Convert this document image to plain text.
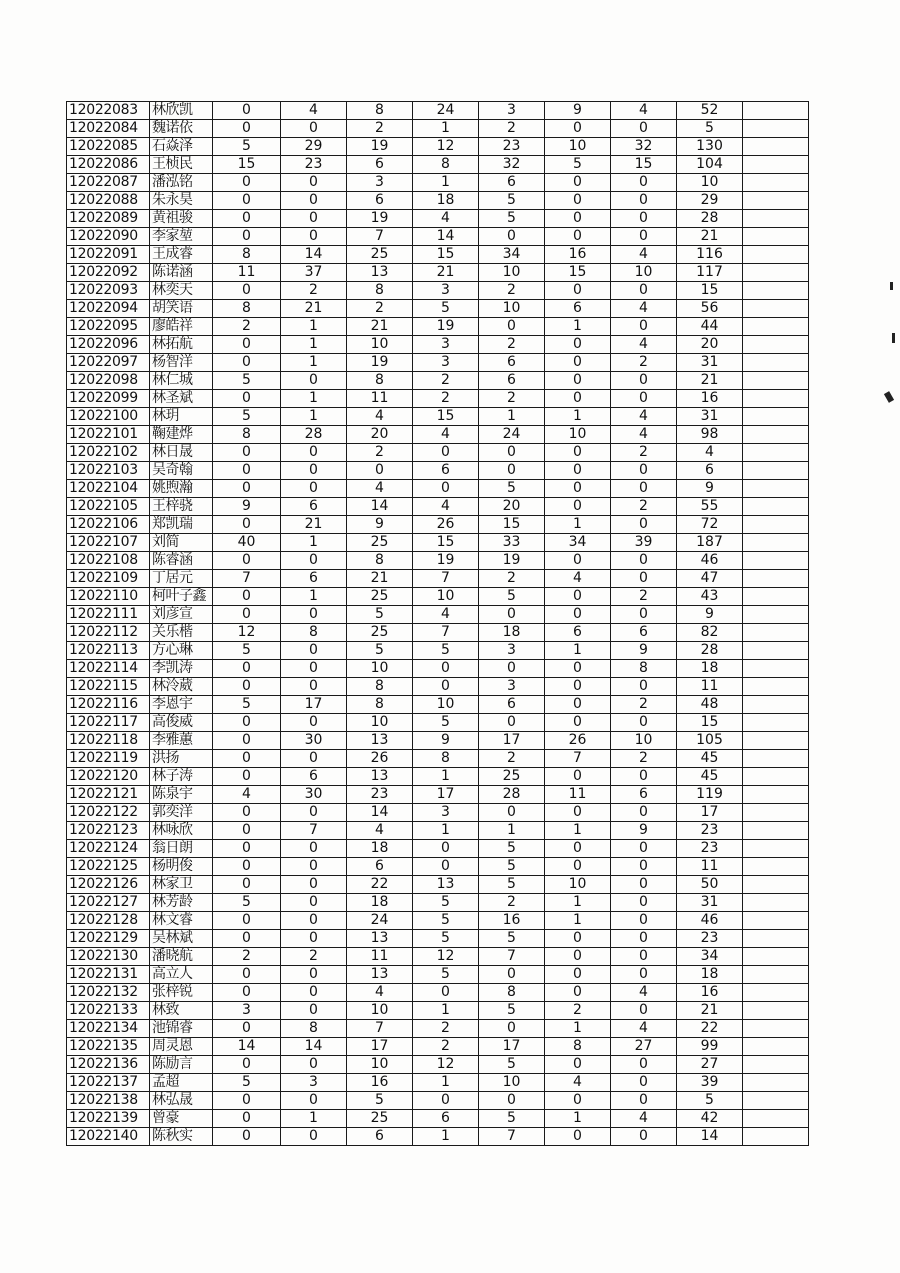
12022083	林欣凯	0	4	8	24	3	9	4	52	
12022084	魏诺依	0	0	2	1	2	0	0	5	
12022085	石焱泽	5	29	19	12	23	10	32	130	
12022086	王桢民	15	23	6	8	32	5	15	104	
12022087	潘泓铭	0	0	3	1	6	0	0	10	
12022088	朱永昊	0	0	6	18	5	0	0	29	
12022089	黄祖骏	0	0	19	4	5	0	0	28	
12022090	李家堃	0	0	7	14	0	0	0	21	
12022091	王成睿	8	14	25	15	34	16	4	116	
12022092	陈诺涵	11	37	13	21	10	15	10	117	
12022093	林奕天	0	2	8	3	2	0	0	15	
12022094	胡笑语	8	21	2	5	10	6	4	56	
12022095	廖皓祥	2	1	21	19	0	1	0	44	
12022096	林拓航	0	1	10	3	2	0	4	20	
12022097	杨智洋	0	1	19	3	6	0	2	31	
12022098	林仁城	5	0	8	2	6	0	0	21	
12022099	林圣斌	0	1	11	2	2	0	0	16	
12022100	林玥	5	1	4	15	1	1	4	31	
12022101	鞠建烨	8	28	20	4	24	10	4	98	
12022102	林日晟	0	0	2	0	0	0	2	4	
12022103	吴奇翰	0	0	0	6	0	0	0	6	
12022104	姚煦瀚	0	0	4	0	5	0	0	9	
12022105	王梓骁	9	6	14	4	20	0	2	55	
12022106	郑凯瑞	0	21	9	26	15	1	0	72	
12022107	刘简	40	1	25	15	33	34	39	187	
12022108	陈睿涵	0	0	8	19	19	0	0	46	
12022109	丁居元	7	6	21	7	2	4	0	47	
12022110	柯叶子鑫	0	1	25	10	5	0	2	43	
12022111	刘彦宣	0	0	5	4	0	0	0	9	
12022112	关乐楷	12	8	25	7	18	6	6	82	
12022113	方心琳	5	0	5	5	3	1	9	28	
12022114	李凯涛	0	0	10	0	0	0	8	18	
12022115	林泠葳	0	0	8	0	3	0	0	11	
12022116	李恩宇	5	17	8	10	6	0	2	48	
12022117	高俊威	0	0	10	5	0	0	0	15	
12022118	李雅蕙	0	30	13	9	17	26	10	105	
12022119	洪扬	0	0	26	8	2	7	2	45	
12022120	林子涛	0	6	13	1	25	0	0	45	
12022121	陈泉宇	4	30	23	17	28	11	6	119	
12022122	郭奕洋	0	0	14	3	0	0	0	17	
12022123	林咏欣	0	7	4	1	1	1	9	23	
12022124	翁日朗	0	0	18	0	5	0	0	23	
12022125	杨明俊	0	0	6	0	5	0	0	11	
12022126	林家卫	0	0	22	13	5	10	0	50	
12022127	林芳龄	5	0	18	5	2	1	0	31	
12022128	林文睿	0	0	24	5	16	1	0	46	
12022129	吴林斌	0	0	13	5	5	0	0	23	
12022130	潘晓航	2	2	11	12	7	0	0	34	
12022131	高立人	0	0	13	5	0	0	0	18	
12022132	张梓锐	0	0	4	0	8	0	4	16	
12022133	林致	3	0	10	1	5	2	0	21	
12022134	池锦睿	0	8	7	2	0	1	4	22	
12022135	周灵恩	14	14	17	2	17	8	27	99	
12022136	陈励言	0	0	10	12	5	0	0	27	
12022137	孟超	5	3	16	1	10	4	0	39	
12022138	林弘晟	0	0	5	0	0	0	0	5	
12022139	曾豪	0	1	25	6	5	1	4	42	
12022140	陈秋实	0	0	6	1	7	0	0	14	
